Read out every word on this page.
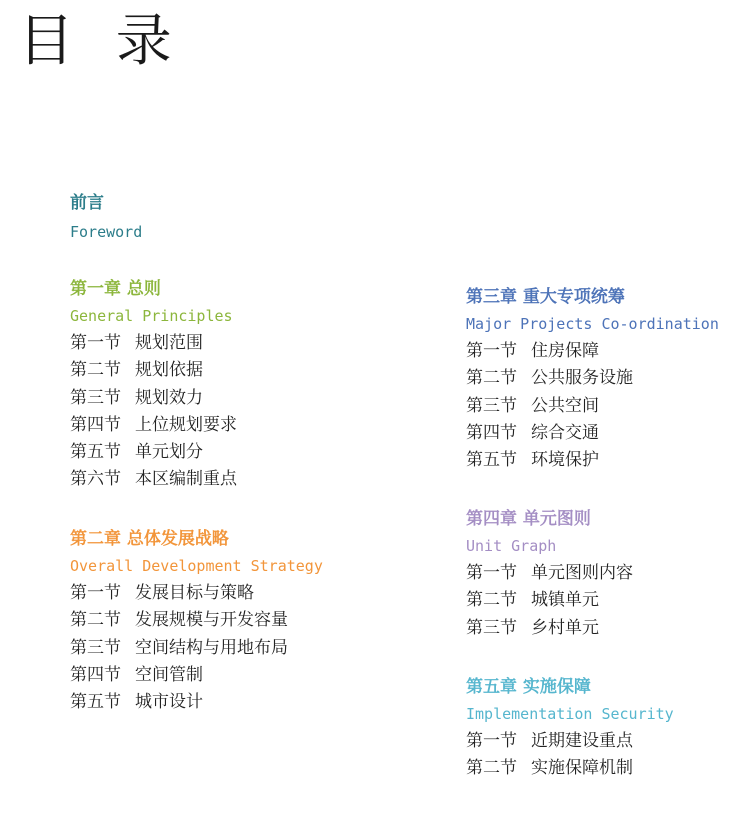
目 录
前言
Foreword
第一章 总则
General Principles
第一节 规划范围
第二节 规划依据
第三节 规划效力
第四节 上位规划要求
第五节 单元划分
第六节 本区编制重点
第二章 总体发展战略
Overall Development Strategy
第一节 发展目标与策略
第二节 发展规模与开发容量
第三节 空间结构与用地布局
第四节 空间管制
第五节 城市设计
第三章 重大专项统筹
Major Projects Co-ordination
第一节 住房保障
第二节 公共服务设施
第三节 公共空间
第四节 综合交通
第五节 环境保护
第四章 单元图则
Unit Graph
第一节 单元图则内容
第二节 城镇单元
第三节 乡村单元
第五章 实施保障
Implementation Security
第一节 近期建设重点
第二节 实施保障机制
